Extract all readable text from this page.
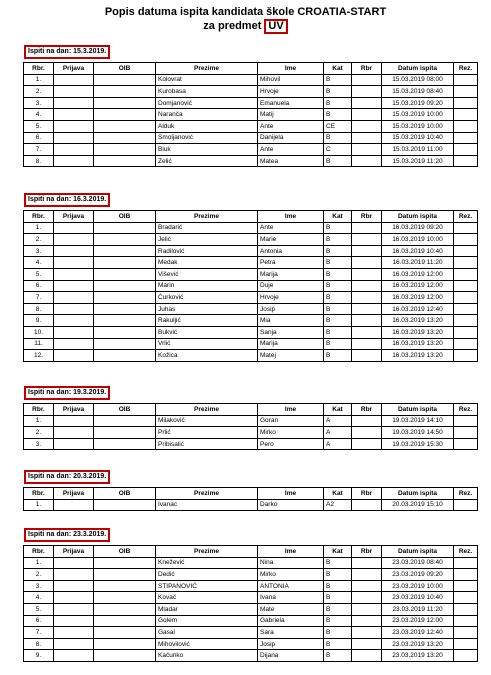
Popis datuma ispita kandidata škole CROATIA-START
za predmet UV
Ispiti na dan: 15.3.2019.
Rbr.	Prijava	OIB	Prezime	Ime	Kat	Rbr	Datum ispita	Rez.
1.			Kolovrat	Mihovil	B		15.03.2019 08:00	
2.			Kurobasa	Hrvoje	B		15.03.2019 08:40	
3.			Domjanović	Emanuela	B		15.03.2019 09:20	
4.			Naranča	Matij	B		15.03.2019 10:00	
5.			Alduk	Ante	CE		15.03.2019 10:00	
6.			Smoljanović	Danijela	B		15.03.2019 10:40	
7.			Biuk	Ante	C		15.03.2019 11:00	
8.			Zelić	Matea	B		15.03.2019 11:20	
Ispiti na dan: 16.3.2019.
Rbr.	Prijava	OIB	Prezime	Ime	Kat	Rbr	Datum ispita	Rez.
1.			Bradarić	Ante	B		16.03.2019 09:20	
2.			Jelić	Marie	B		16.03.2019 10:00	
3.			Radilović	Antonia	B		16.03.2019 10:40	
4.			Medak	Petra	B		16.03.2019 11:20	
5.			Višević	Marija	B		16.03.2019 12:00	
6.			Marin	Duje	B		16.03.2019 12:00	
7.			Ćurković	Hrvoje	B		16.03.2019 12:00	
8.			Juhas	Josip	B		16.03.2019 12:40	
9.			Rakuljić	Mia	B		16.03.2019 13:20	
10.			Bukvić	Sanja	B		16.03.2019 13:20	
11.			Vrlić	Marija	B		16.03.2019 13:20	
12.			Kožica	Matej	B		16.03.2019 13:20	
Ispiti na dan: 19.3.2019.
Rbr.	Prijava	OIB	Prezime	Ime	Kat	Rbr	Datum ispita	Rez.
1.			Milaković	Goran	A		19.03.2019 14:10	
2.			Prlić	Mirko	A		19.03.2019 14:50	
3.			Pribisalić	Pero	A		19.03.2019 15:30	
Ispiti na dan: 20.3.2019.
Rbr.	Prijava	OIB	Prezime	Ime	Kat	Rbr	Datum ispita	Rez.
1.			Ivanac	Darko	A2		20.03.2019 15:10	
Ispiti na dan: 23.3.2019.
Rbr.	Prijava	OIB	Prezime	Ime	Kat	Rbr	Datum ispita	Rez.
1.			Knežević	Nina	B		23.03.2019 08:40	
2.			Dedić	Mirko	B		23.03.2019 09:20	
3.			STIPANOVIĆ	ANTONIA	B		23.03.2019 10:00	
4.			Kovač	Ivana	B		23.03.2019 10:40	
5.			Mladar	Mate	B		23.03.2019 11:20	
6.			Golem	Gabriela	B		23.03.2019 12:00	
7.			Gasal	Sara	B		23.03.2019 12:40	
8.			Mihovilović	Josip	B		23.03.2019 13:20	
9.			Kačunko	Dijana	B		23.03.2019 13:20	
